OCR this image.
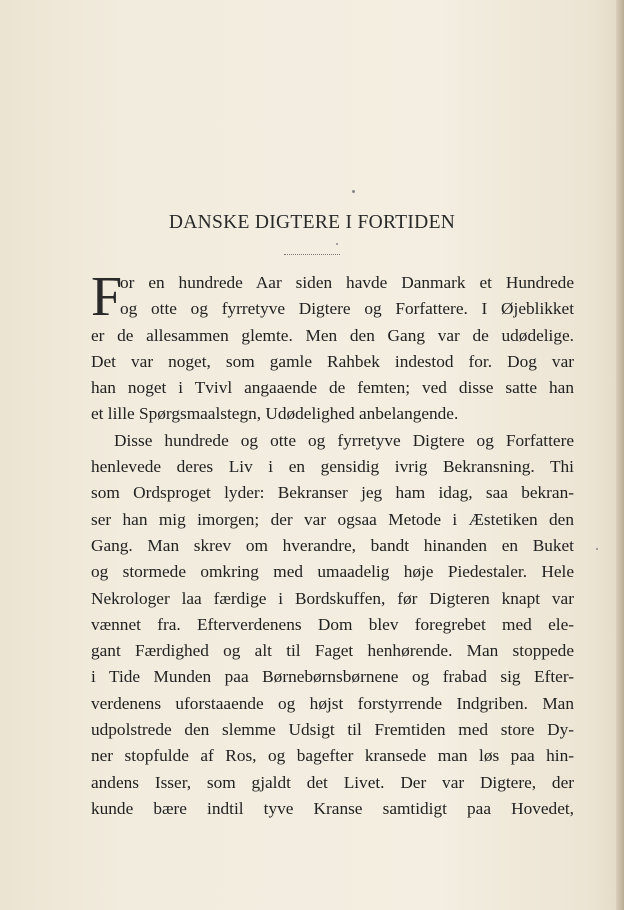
DANSKE DIGTERE I FORTIDEN
F
or en hundrede Aar siden havde Danmark et Hundrede
og otte og fyrretyve Digtere og Forfattere. I Øjeblikket
er de allesammen glemte. Men den Gang var de udødelige.
Det var noget, som gamle Rahbek indestod for. Dog var
han noget i Tvivl angaaende de femten; ved disse satte han
et lille Spørgsmaalstegn, Udødelighed anbelangende.
Disse hundrede og otte og fyrretyve Digtere og Forfattere
henlevede deres Liv i en gensidig ivrig Bekransning. Thi
som Ordsproget lyder: Bekranser jeg ham idag, saa bekran-
ser han mig imorgen; der var ogsaa Metode i Æstetiken den
Gang. Man skrev om hverandre, bandt hinanden en Buket
og stormede omkring med umaadelig høje Piedestaler. Hele
Nekrologer laa færdige i Bordskuffen, før Digteren knapt var
vænnet fra. Efterverdenens Dom blev foregrebet med ele-
gant Færdighed og alt til Faget henhørende. Man stoppede
i Tide Munden paa Børnebørnsbørnene og frabad sig Efter-
verdenens uforstaaende og højst forstyrrende Indgriben. Man
udpolstrede den slemme Udsigt til Fremtiden med store Dy-
ner stopfulde af Ros, og bagefter kransede man løs paa hin-
andens Isser, som gjaldt det Livet. Der var Digtere, der
kunde bære indtil tyve Kranse samtidigt paa Hovedet,
